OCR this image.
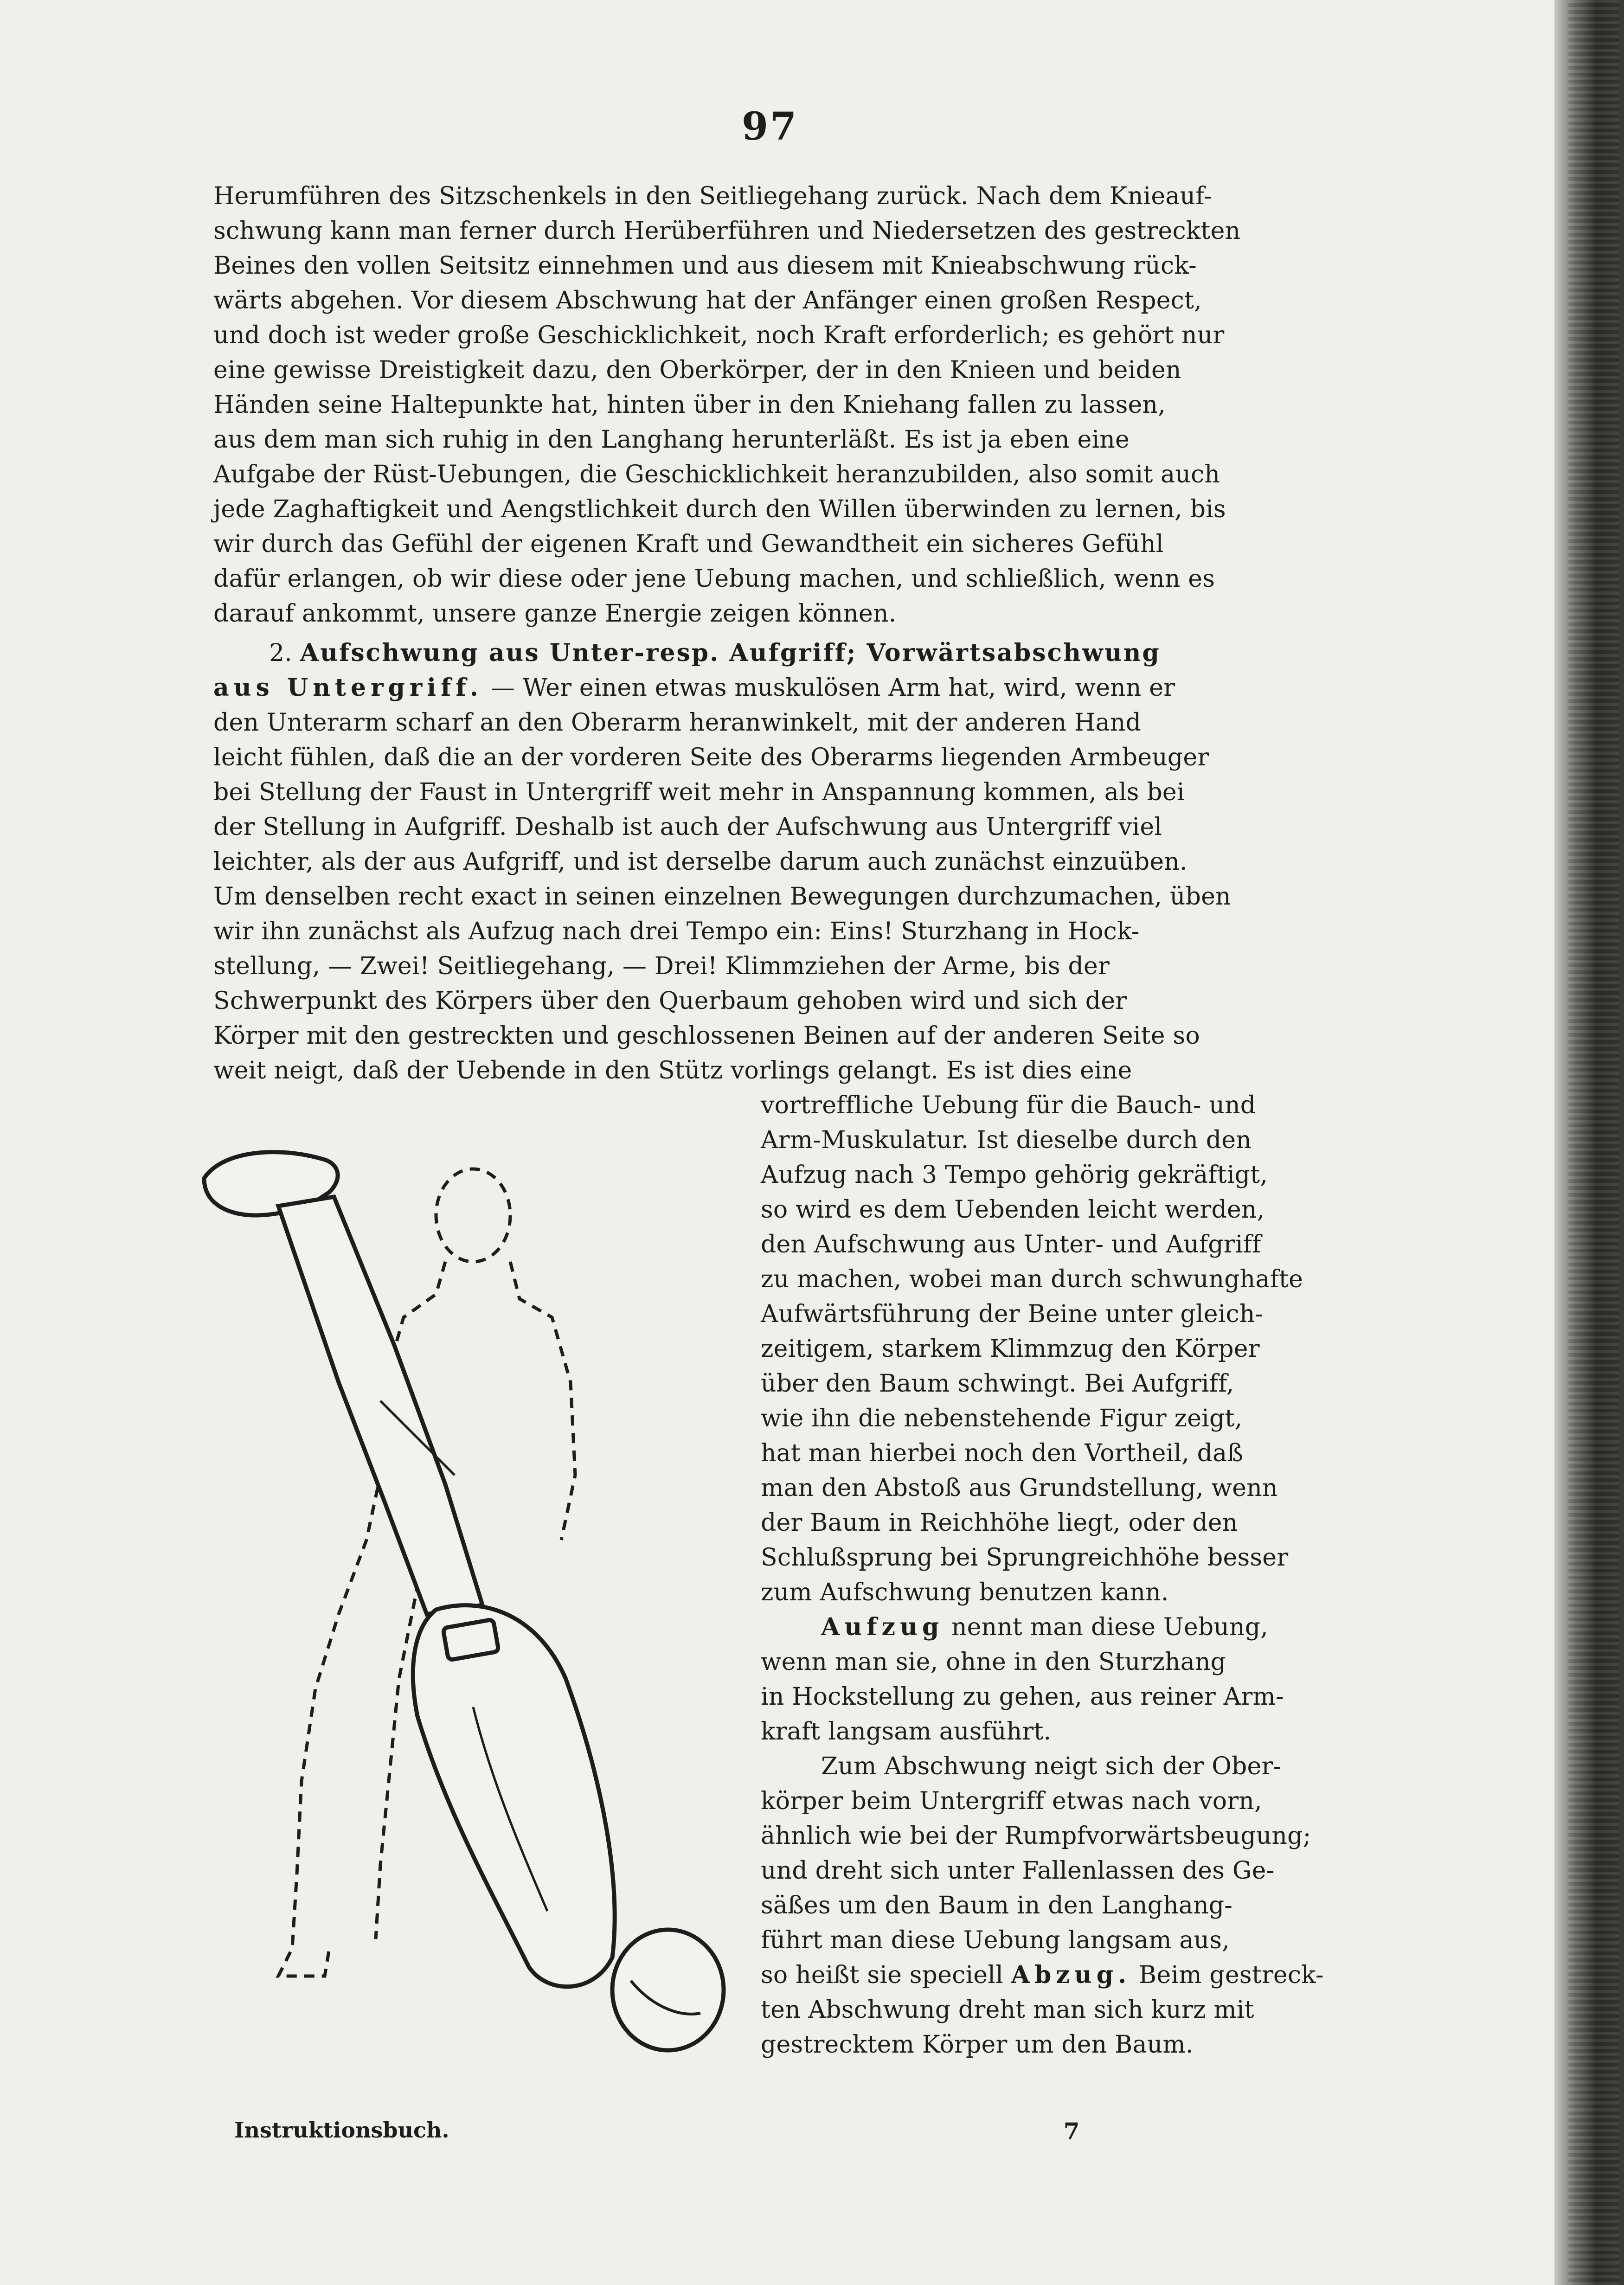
97
Herumführen des Sitzschenkels in den Seitliegehang zurück. Nach dem Knieauf-
schwung kann man ferner durch Herüberführen und Niedersetzen des gestreckten
Beines den vollen Seitsitz einnehmen und aus diesem mit Knieabschwung rück-
wärts abgehen. Vor diesem Abschwung hat der Anfänger einen großen Respect,
und doch ist weder große Geschicklichkeit, noch Kraft erforderlich; es gehört nur
eine gewisse Dreistigkeit dazu, den Oberkörper, der in den Knieen und beiden
Händen seine Haltepunkte hat, hinten über in den Kniehang fallen zu lassen,
aus dem man sich ruhig in den Langhang herunterläßt. Es ist ja eben eine
Aufgabe der Rüst-Uebungen, die Geschicklichkeit heranzubilden, also somit auch
jede Zaghaftigkeit und Aengstlichkeit durch den Willen überwinden zu lernen, bis
wir durch das Gefühl der eigenen Kraft und Gewandtheit ein sicheres Gefühl
dafür erlangen, ob wir diese oder jene Uebung machen, und schließlich, wenn es
darauf ankommt, unsere ganze Energie zeigen können.
2. Aufschwung aus Unter-resp. Aufgriff; Vorwärtsabschwung
aus Untergriff. — Wer einen etwas muskulösen Arm hat, wird, wenn er
den Unterarm scharf an den Oberarm heranwinkelt, mit der anderen Hand
leicht fühlen, daß die an der vorderen Seite des Oberarms liegenden Armbeuger
bei Stellung der Faust in Untergriff weit mehr in Anspannung kommen, als bei
der Stellung in Aufgriff. Deshalb ist auch der Aufschwung aus Untergriff viel
leichter, als der aus Aufgriff, und ist derselbe darum auch zunächst einzuüben.
Um denselben recht exact in seinen einzelnen Bewegungen durchzumachen, üben
wir ihn zunächst als Aufzug nach drei Tempo ein: Eins! Sturzhang in Hock-
stellung, — Zwei! Seitliegehang, — Drei! Klimmziehen der Arme, bis der
Schwerpunkt des Körpers über den Querbaum gehoben wird und sich der
Körper mit den gestreckten und geschlossenen Beinen auf der anderen Seite so
weit neigt, daß der Uebende in den Stütz vorlings gelangt. Es ist dies eine
vortreffliche Uebung für die Bauch- und
Arm-Muskulatur. Ist dieselbe durch den
Aufzug nach 3 Tempo gehörig gekräftigt,
so wird es dem Uebenden leicht werden,
den Aufschwung aus Unter- und Aufgriff
zu machen, wobei man durch schwunghafte
Aufwärtsführung der Beine unter gleich-
zeitigem, starkem Klimmzug den Körper
über den Baum schwingt. Bei Aufgriff,
wie ihn die nebenstehende Figur zeigt,
hat man hierbei noch den Vortheil, daß
man den Abstoß aus Grundstellung, wenn
der Baum in Reichhöhe liegt, oder den
Schlußsprung bei Sprungreichhöhe besser
zum Aufschwung benutzen kann.
Aufzug nennt man diese Uebung,
wenn man sie, ohne in den Sturzhang
in Hockstellung zu gehen, aus reiner Arm-
kraft langsam ausführt.
Zum Abschwung neigt sich der Ober-
körper beim Untergriff etwas nach vorn,
ähnlich wie bei der Rumpfvorwärtsbeugung;
und dreht sich unter Fallenlassen des Ge-
säßes um den Baum in den Langhang-
führt man diese Uebung langsam aus,
so heißt sie speciell Abzug. Beim gestreck-
ten Abschwung dreht man sich kurz mit
gestrecktem Körper um den Baum.
Instruktionsbuch.	7
